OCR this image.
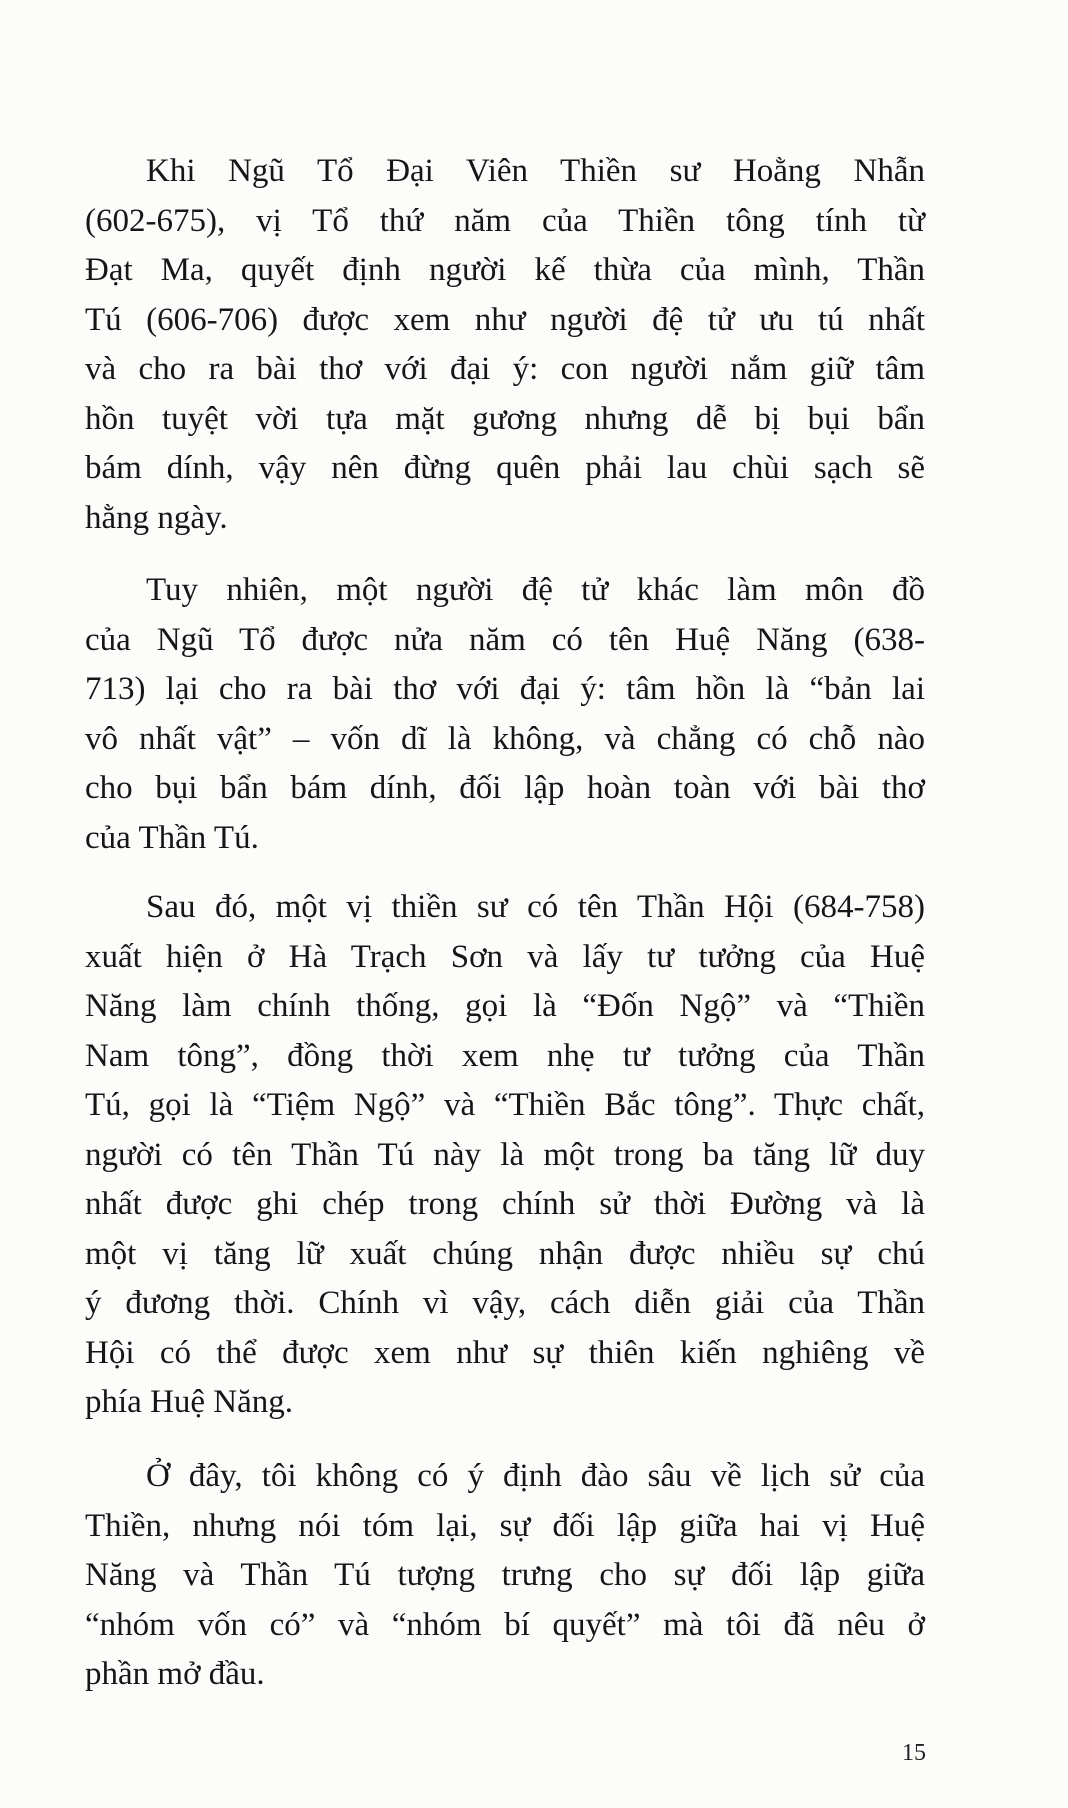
Khi Ngũ Tổ Đại Viên Thiền sư Hoằng Nhẫn
(602-675), vị Tổ thứ năm của Thiền tông tính từ
Đạt Ma, quyết định người kế thừa của mình, Thần
Tú (606-706) được xem như người đệ tử ưu tú nhất
và cho ra bài thơ với đại ý: con người nắm giữ tâm
hồn tuyệt vời tựa mặt gương nhưng dễ bị bụi bẩn
bám dính, vậy nên đừng quên phải lau chùi sạch sẽ
hằng ngày.
Tuy nhiên, một người đệ tử khác làm môn đồ
của Ngũ Tổ được nửa năm có tên Huệ Năng (638-
713) lại cho ra bài thơ với đại ý: tâm hồn là “bản lai
vô nhất vật” – vốn dĩ là không, và chẳng có chỗ nào
cho bụi bẩn bám dính, đối lập hoàn toàn với bài thơ
của Thần Tú.
Sau đó, một vị thiền sư có tên Thần Hội (684-758)
xuất hiện ở Hà Trạch Sơn và lấy tư tưởng của Huệ
Năng làm chính thống, gọi là “Đốn Ngộ” và “Thiền
Nam tông”, đồng thời xem nhẹ tư tưởng của Thần
Tú, gọi là “Tiệm Ngộ” và “Thiền Bắc tông”. Thực chất,
người có tên Thần Tú này là một trong ba tăng lữ duy
nhất được ghi chép trong chính sử thời Đường và là
một vị tăng lữ xuất chúng nhận được nhiều sự chú
ý đương thời. Chính vì vậy, cách diễn giải của Thần
Hội có thể được xem như sự thiên kiến nghiêng về
phía Huệ Năng.
Ở đây, tôi không có ý định đào sâu về lịch sử của
Thiền, nhưng nói tóm lại, sự đối lập giữa hai vị Huệ
Năng và Thần Tú tượng trưng cho sự đối lập giữa
“nhóm vốn có” và “nhóm bí quyết” mà tôi đã nêu ở
phần mở đầu.
15
